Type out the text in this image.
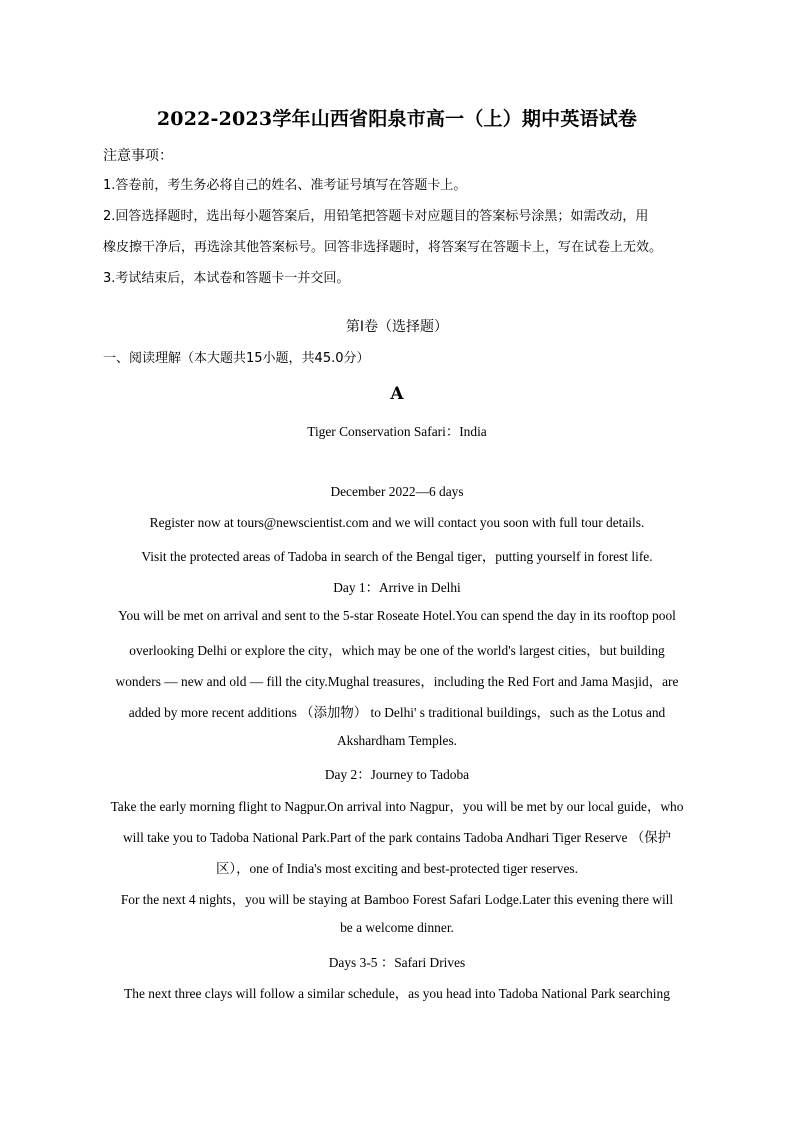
2022-2023学年山西省阳泉市高一（上）期中英语试卷
注意事项：
1.答卷前，考生务必将自己的姓名、准考证号填写在答题卡上。
2.回答选择题时，选出每小题答案后，用铅笔把答题卡对应题目的答案标号涂黑；如需改动，用
橡皮擦干净后，再选涂其他答案标号。回答非选择题时，将答案写在答题卡上，写在试卷上无效。
3.考试结束后，本试卷和答题卡一并交回。
第I卷（选择题）
一、阅读理解（本大题共15小题，共45.0分）
A
Tiger Conservation Safari：India
December 2022—6 days
Register now at tours@newscientist.com and we will contact you soon with full tour details.
Visit the protected areas of Tadoba in search of the Bengal tiger，putting yourself in forest life.
Day 1：Arrive in Delhi
You will be met on arrival and sent to the 5-star Roseate Hotel.You can spend the day in its rooftop pool
overlooking Delhi or explore the city，which may be one of the world's largest cities，but building
wonders — new and old — fill the city.Mughal treasures，including the Red Fort and Jama Masjid，are
added by more recent additions （添加物） to Delhi' s traditional buildings，such as the Lotus and
Akshardham Temples.
Day 2：Journey to Tadoba
Take the early morning flight to Nagpur.On arrival into Nagpur，you will be met by our local guide，who
will take you to Tadoba National Park.Part of the park contains Tadoba Andhari Tiger Reserve （保护
区），one of India's most exciting and best-protected tiger reserves.
For the next 4 nights，you will be staying at Bamboo Forest Safari Lodge.Later this evening there will
be a welcome dinner.
Days 3-5 ：Safari Drives
The next three clays will follow a similar schedule，as you head into Tadoba National Park searching
